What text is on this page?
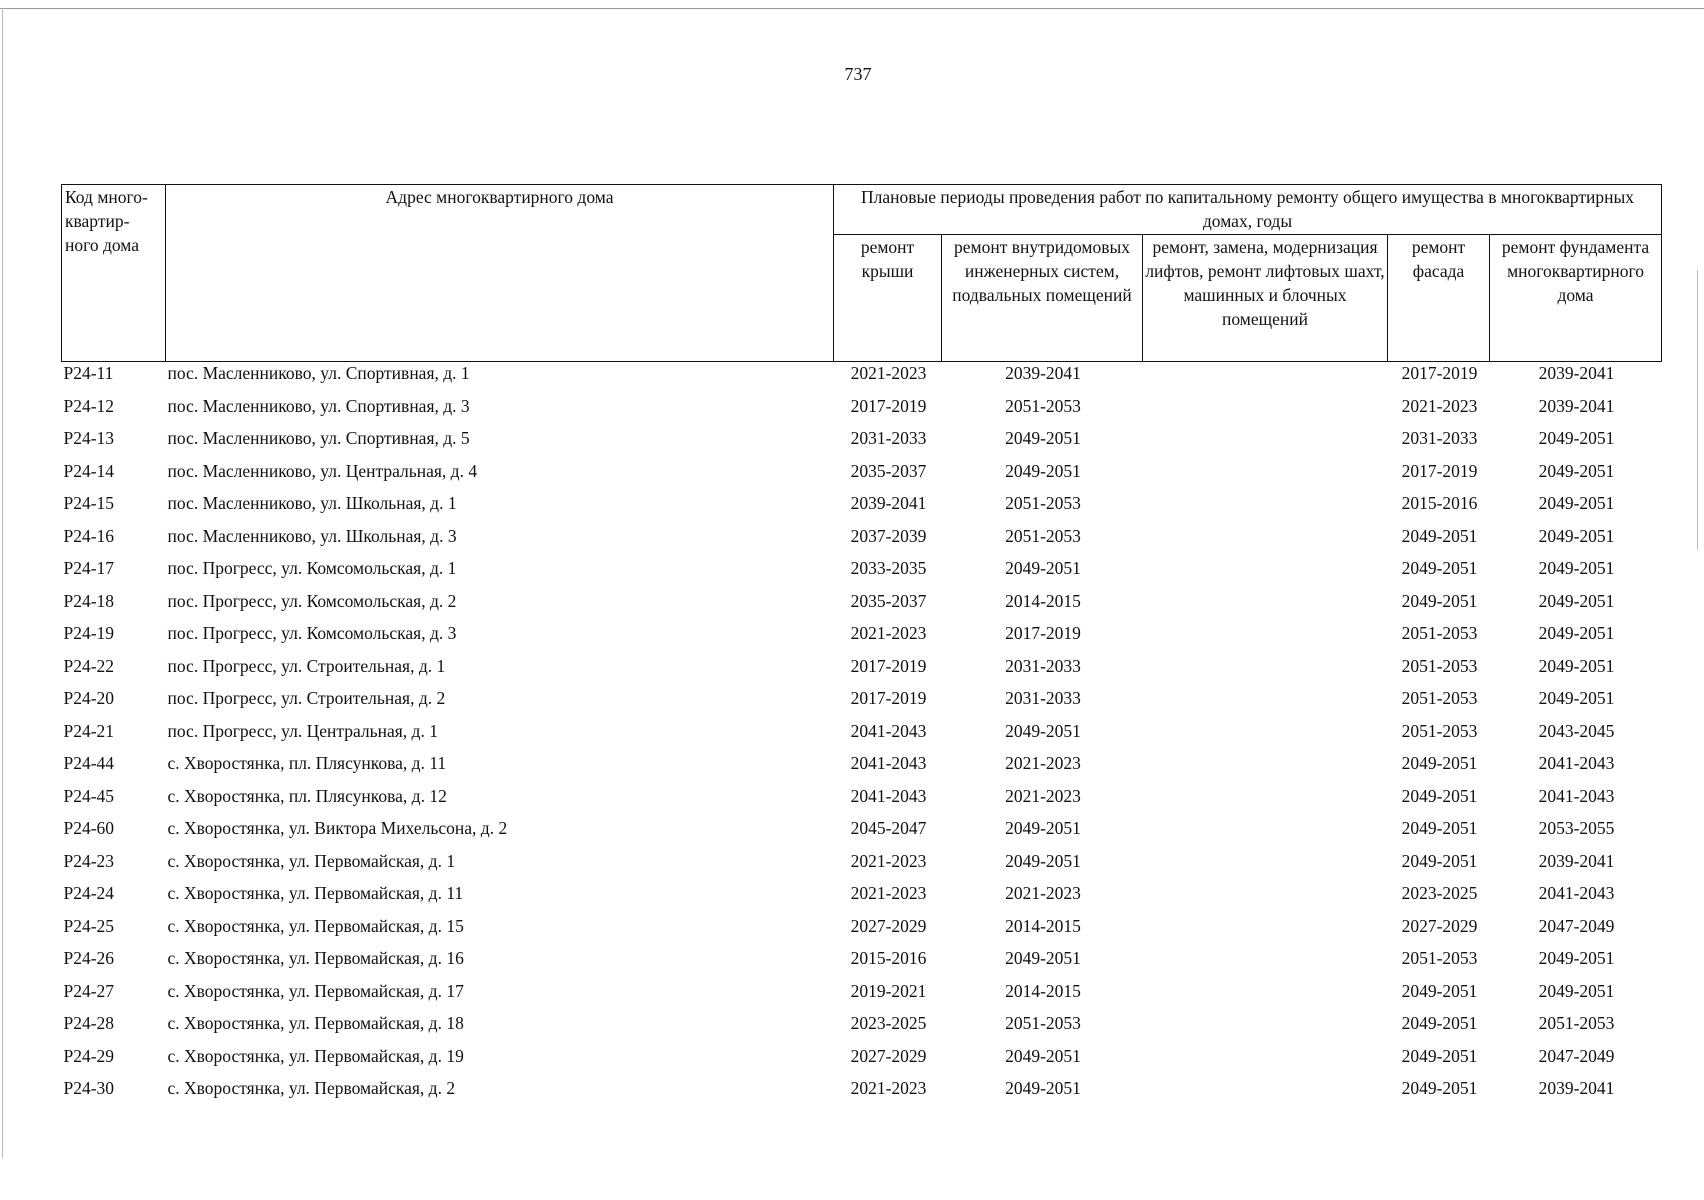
737
Код много-квартир-ного дома	Адрес многоквартирного дома	Плановые периоды проведения работ по капитальному ремонту общего имущества в многоквартирных домах, годы				
		ремонт крыши	ремонт внутридомовых инженерных систем, подвальных помещений	ремонт, замена, модернизация лифтов, ремонт лифтовых шахт, машинных и блочных помещений	ремонт фасада	ремонт фундамента многоквартирного дома
Р24-11	пос. Масленниково, ул. Спортивная, д. 1	2021-2023	2039-2041		2017-2019	2039-2041
Р24-12	пос. Масленниково, ул. Спортивная, д. 3	2017-2019	2051-2053		2021-2023	2039-2041
Р24-13	пос. Масленниково, ул. Спортивная, д. 5	2031-2033	2049-2051		2031-2033	2049-2051
Р24-14	пос. Масленниково, ул. Центральная, д. 4	2035-2037	2049-2051		2017-2019	2049-2051
Р24-15	пос. Масленниково, ул. Школьная, д. 1	2039-2041	2051-2053		2015-2016	2049-2051
Р24-16	пос. Масленниково, ул. Школьная, д. 3	2037-2039	2051-2053		2049-2051	2049-2051
Р24-17	пос. Прогресс, ул. Комсомольская, д. 1	2033-2035	2049-2051		2049-2051	2049-2051
Р24-18	пос. Прогресс, ул. Комсомольская, д. 2	2035-2037	2014-2015		2049-2051	2049-2051
Р24-19	пос. Прогресс, ул. Комсомольская, д. 3	2021-2023	2017-2019		2051-2053	2049-2051
Р24-22	пос. Прогресс, ул. Строительная, д. 1	2017-2019	2031-2033		2051-2053	2049-2051
Р24-20	пос. Прогресс, ул. Строительная, д. 2	2017-2019	2031-2033		2051-2053	2049-2051
Р24-21	пос. Прогресс, ул. Центральная, д. 1	2041-2043	2049-2051		2051-2053	2043-2045
Р24-44	с. Хворостянка, пл. Плясункова, д. 11	2041-2043	2021-2023		2049-2051	2041-2043
Р24-45	с. Хворостянка, пл. Плясункова, д. 12	2041-2043	2021-2023		2049-2051	2041-2043
Р24-60	с. Хворостянка, ул. Виктора Михельсона, д. 2	2045-2047	2049-2051		2049-2051	2053-2055
Р24-23	с. Хворостянка, ул. Первомайская, д. 1	2021-2023	2049-2051		2049-2051	2039-2041
Р24-24	с. Хворостянка, ул. Первомайская, д. 11	2021-2023	2021-2023		2023-2025	2041-2043
Р24-25	с. Хворостянка, ул. Первомайская, д. 15	2027-2029	2014-2015		2027-2029	2047-2049
Р24-26	с. Хворостянка, ул. Первомайская, д. 16	2015-2016	2049-2051		2051-2053	2049-2051
Р24-27	с. Хворостянка, ул. Первомайская, д. 17	2019-2021	2014-2015		2049-2051	2049-2051
Р24-28	с. Хворостянка, ул. Первомайская, д. 18	2023-2025	2051-2053		2049-2051	2051-2053
Р24-29	с. Хворостянка, ул. Первомайская, д. 19	2027-2029	2049-2051		2049-2051	2047-2049
Р24-30	с. Хворостянка, ул. Первомайская, д. 2	2021-2023	2049-2051		2049-2051	2039-2041
